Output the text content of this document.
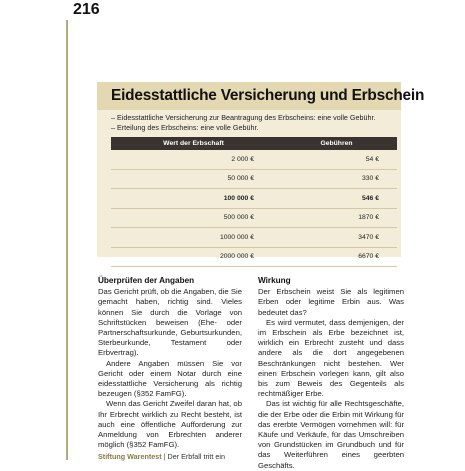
216
Eidesstattliche Versicherung und Erbschein
– Eidesstattliche Versicherung zur Beantragung des Erbscheins: eine volle Gebühr.
– Erteilung des Erbscheins: eine volle Gebühr.
Wert der Erbschaft	Gebühren
2 000 €	54 €
50 000 €	330 €
100 000 €	546 €
500 000 €	1870 €
1000 000 €	3470 €
2000 000 €	6670 €
Überprüfen der Angaben

Das Gericht prüft, ob die Angaben, die Sie gemacht haben, richtig sind. Vieles können Sie durch die Vorlage von Schriftstücken beweisen (Ehe- oder Partnerschaftsurkunde, Geburtsurkunden, Sterbeurkunde, Testament oder Erbvertrag).

Andere Angaben müssen Sie vor Gericht oder einem Notar durch eine eidesstattliche Versicherung als richtig bezeugen (§352 FamFG).

Wenn das Gericht Zweifel daran hat, ob Ihr Erbrecht wirklich zu Recht besteht, ist auch eine öffentliche Aufforderung zur Anmeldung von Erbrechten anderer möglich (§352 FamFG).

Wirkung

Der Erbschein weist Sie als legitimen Erben oder legitime Erbin aus. Was bedeutet das?

Es wird vermutet, dass demjenigen, der im Erbschein als Erbe bezeichnet ist, wirklich ein Erbrecht zusteht und dass andere als die dort angegebenen Beschränkungen nicht bestehen. Wer einen Erbschein vorlegen kann, gilt also bis zum Beweis des Gegenteils als rechtmäßiger Erbe.

Das ist wichtig für alle Rechtsgeschäfte, die der Erbe oder die Erbin mit Wirkung für das ererbte Vermögen vornehmen will: für Käufe und Verkäufe, für das Umschreiben von Grundstücken im Grundbuch und für das Weiterführen eines geerbten Geschäfts.

Stiftung Warentest | Der Erbfall tritt ein
